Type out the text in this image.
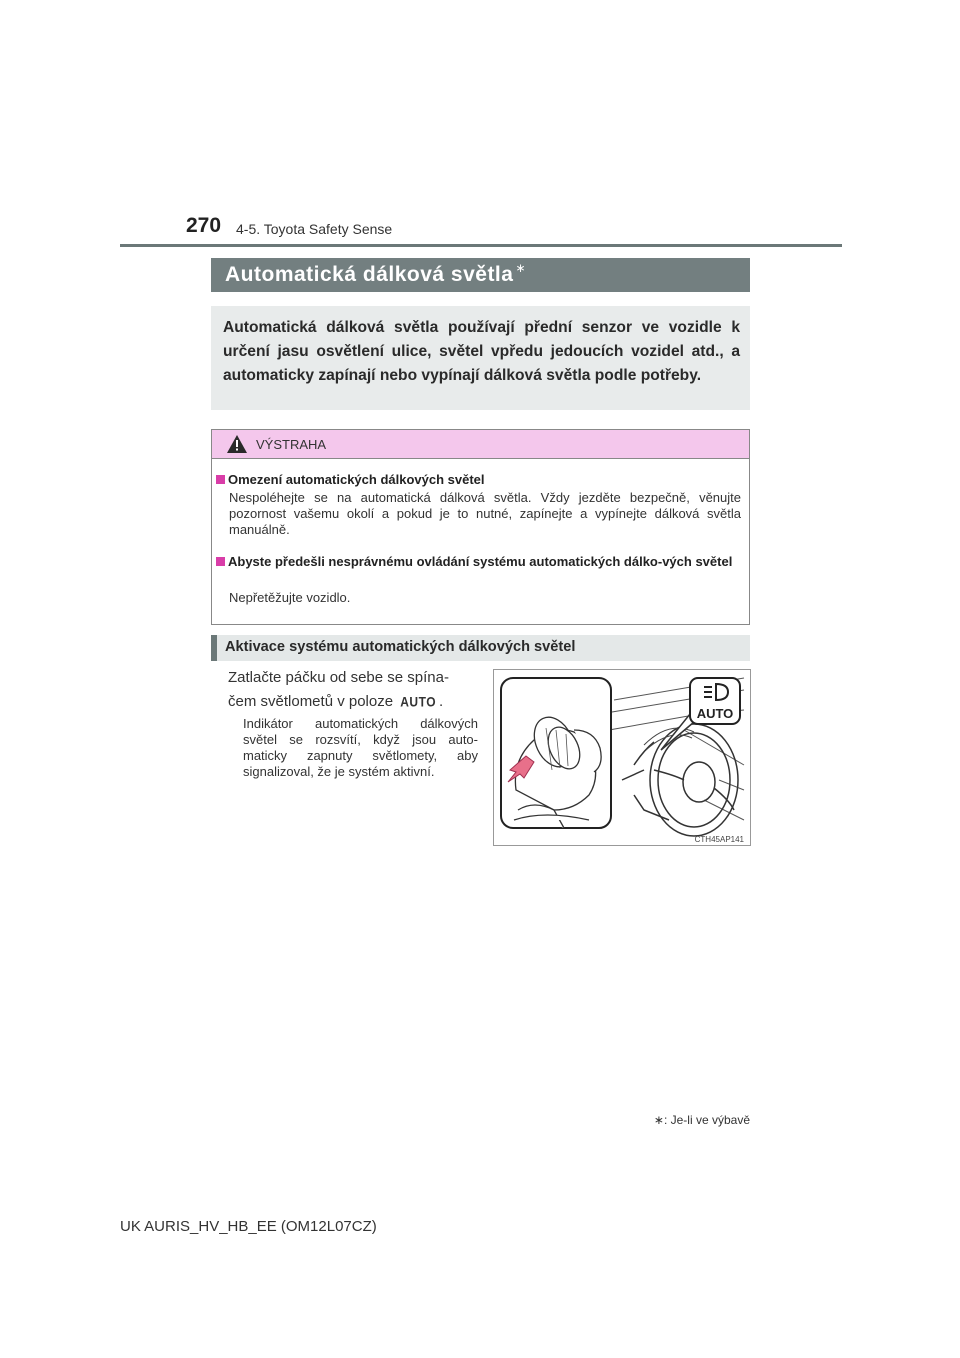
270 4-5. Toyota Safety Sense
Automatická dálková světla ∗
Automatická dálková světla používají přední senzor ve vozidle k určení jasu osvětlení ulice, světel vpředu jedoucích vozidel atd., a automaticky zapínají nebo vypínají dálková světla podle potřeby.
VÝSTRAHA
Omezení automatických dálkových světel
Nespoléhejte se na automatická dálková světla. Vždy jezděte bezpečně, věnujte pozornost vašemu okolí a pokud je to nutné, zapínejte a vypínejte dálková světla manuálně.
Abyste předešli nesprávnému ovládání systému automatických dálko-vých světel
Nepřetěžujte vozidlo.
Aktivace systému automatických dálkových světel
Zatlačte páčku od sebe se spína-čem světlometů v poloze AUTO .
Indikátor automatických dálkových světel se rozsvítí, když jsou auto-maticky zapnuty světlomety, aby signalizoval, že je systém aktivní.
AUTO
CTH45AP141
∗: Je-li ve výbavě
UK AURIS_HV_HB_EE (OM12L07CZ)
